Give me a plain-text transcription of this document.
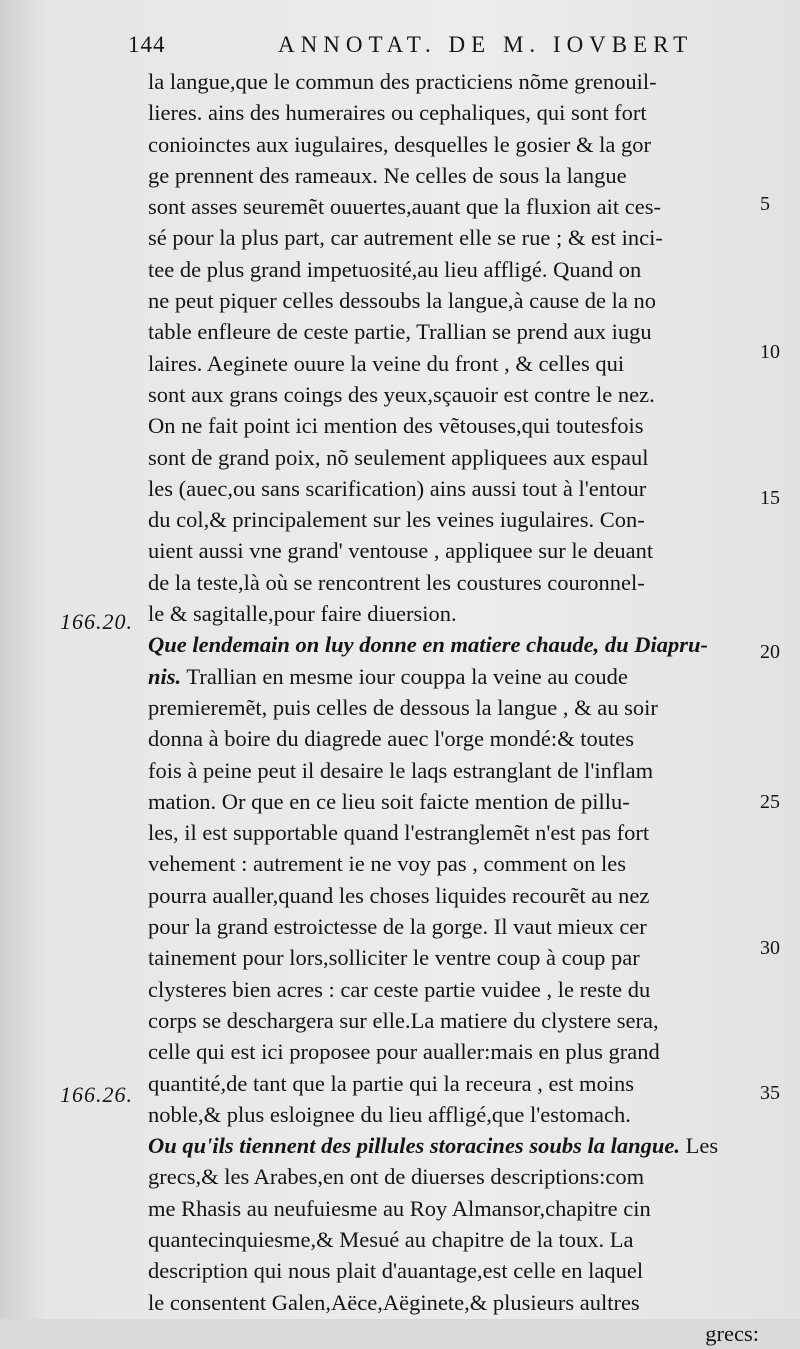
144	ANNOTAT. DE M. IOVBERT
166.20.
166.26.
5
10
15
20
25
30
35
la langue,que le commun des practiciens nõme grenouil-
lieres. ains des humeraires ou cephaliques, qui sont fort
conioinctes aux iugulaires, desquelles le gosier & la gor
ge prennent des rameaux. Ne celles de sous la langue
sont asses seuremẽt ouuertes,auant que la fluxion ait ces-
sé pour la plus part, car autrement elle se rue ; & est inci-
tee de plus grand impetuosité,au lieu affligé. Quand on
ne peut piquer celles dessoubs la langue,à cause de la no
table enfleure de ceste partie, Trallian se prend aux iugu
laires. Aeginete ouure la veine du front , & celles qui
sont aux grans coings des yeux,sçauoir est contre le nez.
On ne fait point ici mention des vẽtouses,qui toutesfois
sont de grand poix, nõ seulement appliquees aux espaul
les (auec,ou sans scarification) ains aussi tout à l'entour
du col,& principalement sur les veines iugulaires. Con-
uient aussi vne grand' ventouse , appliquee sur le deuant
de la teste,là où se rencontrent les coustures couronnel-
le & sagitalle,pour faire diuersion.
Que lendemain on luy donne en matiere chaude, du Diapru-
nis. Trallian en mesme iour couppa la veine au coude
premieremẽt, puis celles de dessous la langue , & au soir
donna à boire du diagrede auec l'orge mondé:& toutes
fois à peine peut il desaire le laqs estranglant de l'inflam
mation. Or que en ce lieu soit faicte mention de pillu-
les, il est supportable quand l'estranglemẽt n'est pas fort
vehement : autrement ie ne voy pas , comment on les
pourra aualler,quand les choses liquides recourẽt au nez
pour la grand estroictesse de la gorge. Il vaut mieux cer
tainement pour lors,solliciter le ventre coup à coup par
clysteres bien acres : car ceste partie vuidee , le reste du
corps se deschargera sur elle.La matiere du clystere sera,
celle qui est ici proposee pour aualler:mais en plus grand
quantité,de tant que la partie qui la receura , est moins
noble,& plus esloignee du lieu affligé,que l'estomach.
Ou qu'ils tiennent des pillules storacines soubs la langue. Les
grecs,& les Arabes,en ont de diuerses descriptions:com
me Rhasis au neufuiesme au Roy Almansor,chapitre cin
quantecinquiesme,& Mesué au chapitre de la toux. La
description qui nous plait d'auantage,est celle en laquel
le consentent Galen,Aëce,Aëginete,& plusieurs aultres
grecs:
